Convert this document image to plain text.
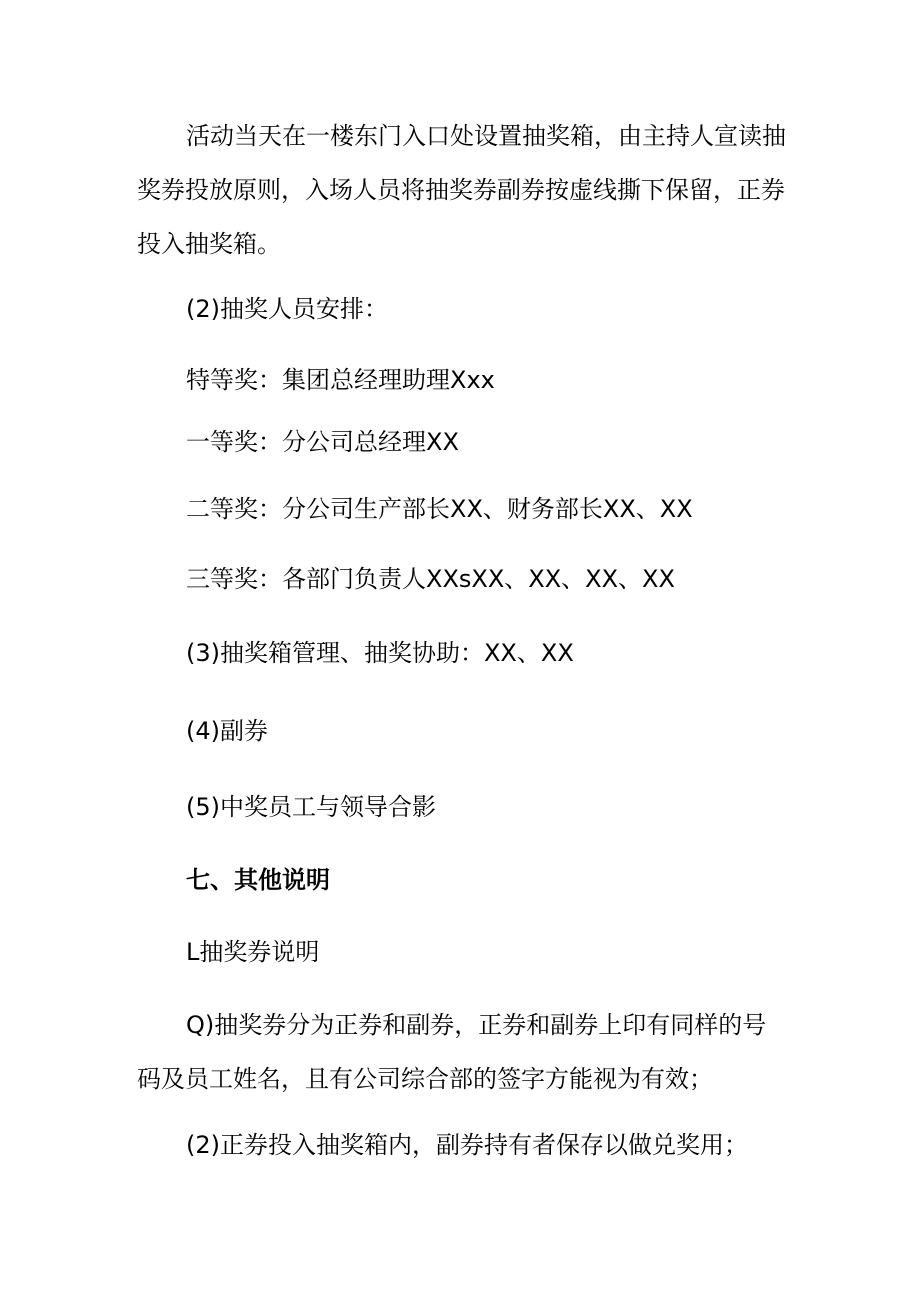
活动当天在一楼东门入口处设置抽奖箱，由主持人宣读抽奖券投放原则，入场人员将抽奖券副券按虚线撕下保留，正券投入抽奖箱。
(2)抽奖人员安排：
特等奖：集团总经理助理Xxx
一等奖：分公司总经理XX
二等奖：分公司生产部长XX、财务部长XX、XX
三等奖：各部门负责人XXsXX、XX、XX、XX
(3)抽奖箱管理、抽奖协助：XX、XX
(4)副券
(5)中奖员工与领导合影
七、其他说明
L抽奖券说明
Q)抽奖券分为正券和副券，正券和副券上印有同样的号码及员工姓名，且有公司综合部的签字方能视为有效；
(2)正券投入抽奖箱内，副券持有者保存以做兑奖用；
